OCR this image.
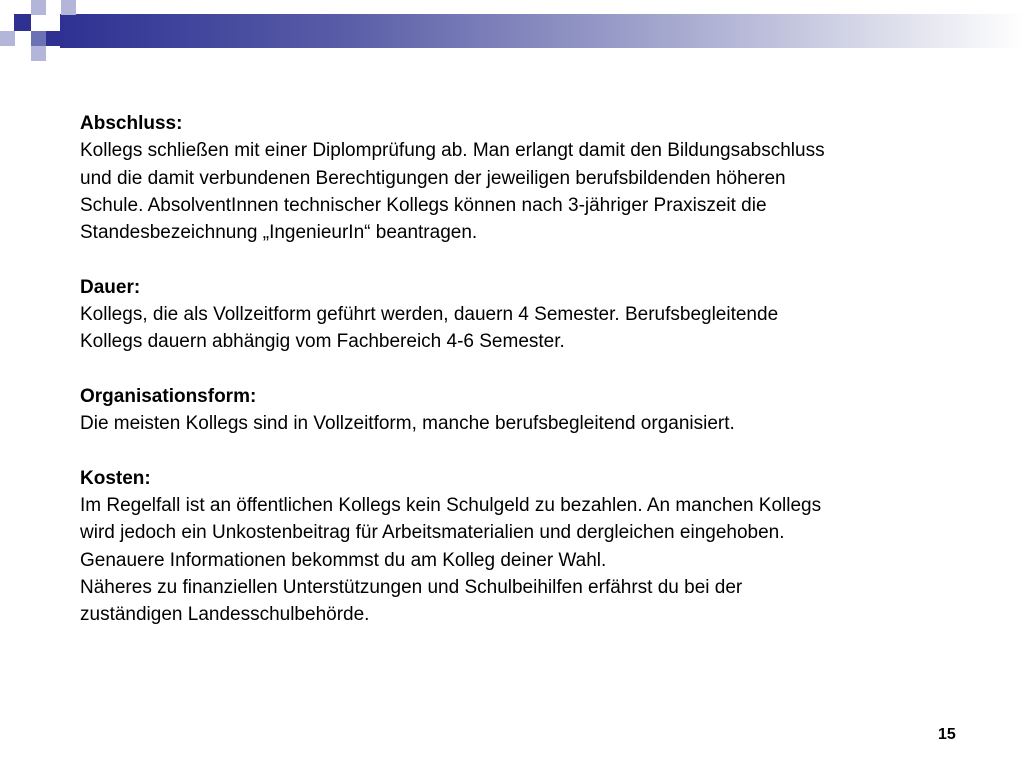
Abschluss:
Kollegs schließen mit einer Diplomprüfung ab. Man erlangt damit den Bildungsabschluss
und die damit verbundenen Berechtigungen der jeweiligen berufsbildenden höheren
Schule. AbsolventInnen technischer Kollegs können nach 3-jähriger Praxiszeit die
Standesbezeichnung „IngenieurIn“ beantragen.
Dauer:
Kollegs, die als Vollzeitform geführt werden, dauern 4 Semester. Berufsbegleitende
Kollegs dauern abhängig vom Fachbereich 4-6 Semester.
Organisationsform:
Die meisten Kollegs sind in Vollzeitform, manche berufsbegleitend organisiert.
Kosten:
Im Regelfall ist an öffentlichen Kollegs kein Schulgeld zu bezahlen. An manchen Kollegs
wird jedoch ein Unkostenbeitrag für Arbeitsmaterialien und dergleichen eingehoben.
Genauere Informationen bekommst du am Kolleg deiner Wahl.
Näheres zu finanziellen Unterstützungen und Schulbeihilfen erfährst du bei der
zuständigen Landesschulbehörde.
15
